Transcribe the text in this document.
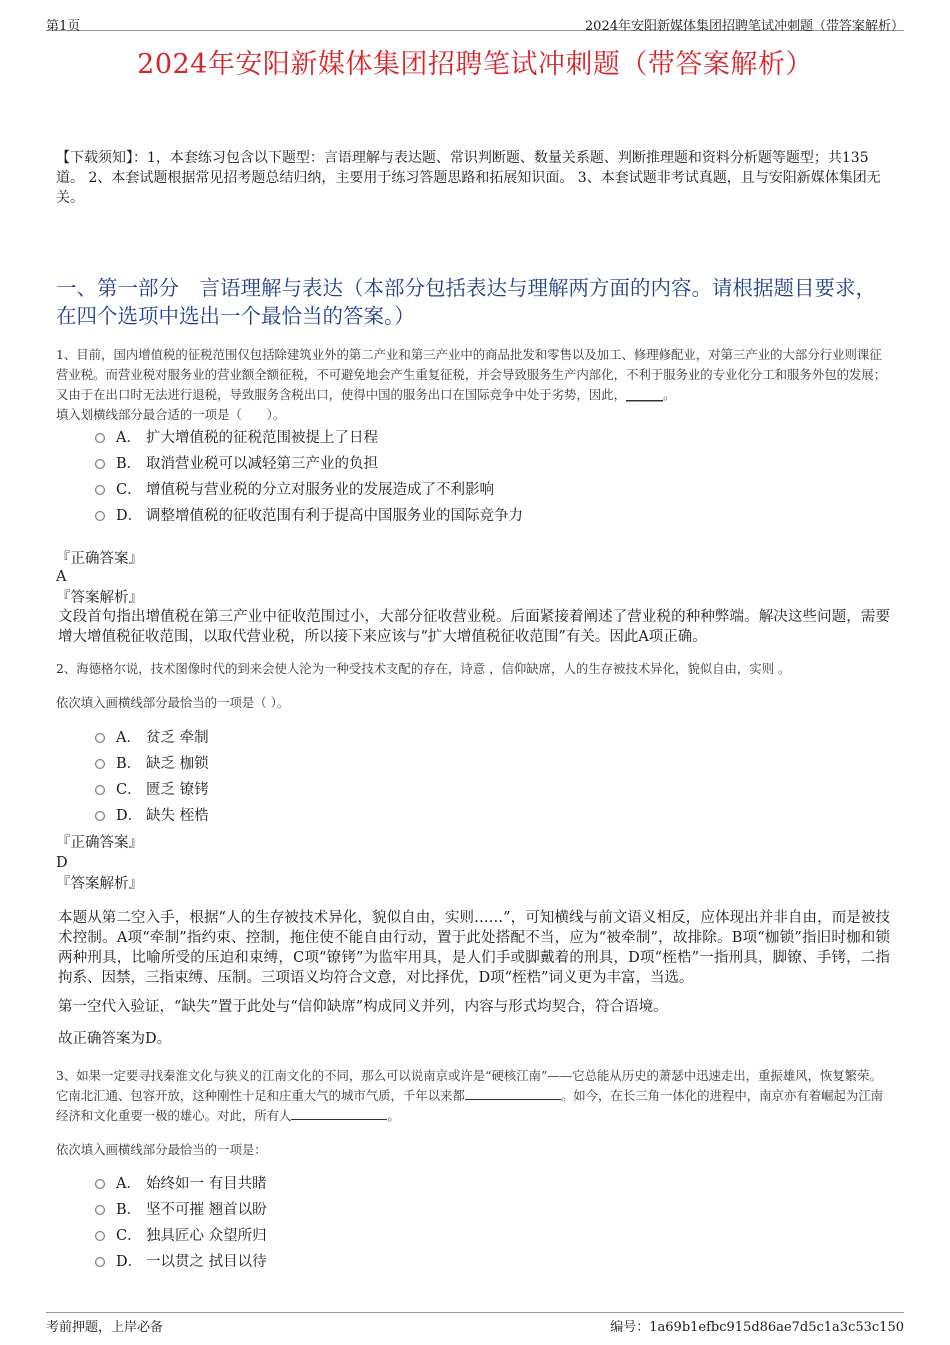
第1页	2024年安阳新媒体集团招聘笔试冲刺题（带答案解析）
2024年安阳新媒体集团招聘笔试冲刺题（带答案解析）
【下载须知】：1，本套练习包含以下题型：言语理解与表达题、常识判断题、数量关系题、判断推理题和资料分析题等题型；共135道。 2、本套试题根据常见招考题总结归纳，主要用于练习答题思路和拓展知识面。 3、本套试题非考试真题，且与安阳新媒体集团无关。
一、第一部分　言语理解与表达（本部分包括表达与理解两方面的内容。请根据题目要求，在四个选项中选出一个最恰当的答案。）
1、目前，国内增值税的征税范围仅包括除建筑业外的第二产业和第三产业中的商品批发和零售以及加工、修理修配业，对第三产业的大部分行业则课征营业税。而营业税对服务业的营业额全额征税，不可避免地会产生重复征税，并会导致服务生产内部化，不利于服务业的专业化分工和服务外包的发展；又由于在出口时无法进行退税，导致服务含税出口，使得中国的服务出口在国际竞争中处于劣势，因此，______。
填入划横线部分最合适的一项是（　　）。
A． 扩大增值税的征税范围被提上了日程
B． 取消营业税可以减轻第三产业的负担
C． 增值税与营业税的分立对服务业的发展造成了不利影响
D． 调整增值税的征收范围有利于提高中国服务业的国际竞争力
『正确答案』
A
『答案解析』
文段首句指出增值税在第三产业中征收范围过小，大部分征收营业税。后面紧接着阐述了营业税的种种弊端。解决这些问题，需要增大增值税征收范围，以取代营业税，所以接下来应该与“扩大增值税征收范围”有关。因此A项正确。
2、海德格尔说，技术图像时代的到来会使人沦为一种受技术支配的存在，诗意 ，信仰缺席，人的生存被技术异化，貌似自由，实则 。
依次填入画横线部分最恰当的一项是（ ）。
A． 贫乏 牵制
B． 缺乏 枷锁
C． 匮乏 镣铐
D． 缺失 桎梏
『正确答案』
D
『答案解析』
本题从第二空入手，根据“人的生存被技术异化，貌似自由，实则……”，可知横线与前文语义相反，应体现出并非自由，而是被技术控制。A项“牵制”指约束、控制，拖住使不能自由行动，置于此处搭配不当，应为“被牵制”，故排除。B项“枷锁”指旧时枷和锁两种刑具，比喻所受的压迫和束缚，C项“镣铐”为监牢用具，是人们手或脚戴着的刑具，D项“桎梏”一指刑具，脚镣、手铐，二指拘系、因禁，三指束缚、压制。三项语义均符合文意，对比择优，D项“桎梏”词义更为丰富，当选。
第一空代入验证，“缺失”置于此处与“信仰缺席”构成同义并列，内容与形式均契合，符合语境。
故正确答案为D。
3、如果一定要寻找秦淮文化与狭义的江南文化的不同，那么可以说南京或许是“硬核江南”——它总能从历史的萧瑟中迅速走出，重振雄风，恢复繁荣。它南北汇通、包容开放，这种刚性十足和庄重大气的城市气质，千年以来都	。如今，在长三角一体化的进程中，南京亦有着崛起为江南经济和文化重要一极的雄心。对此，所有人	。
依次填入画横线部分最恰当的一项是：
A． 始终如一 有目共睹
B． 坚不可摧 翘首以盼
C． 独具匠心 众望所归
D． 一以贯之 拭目以待
考前押题，上岸必备	编号：1a69b1efbc915d86ae7d5c1a3c53c150
